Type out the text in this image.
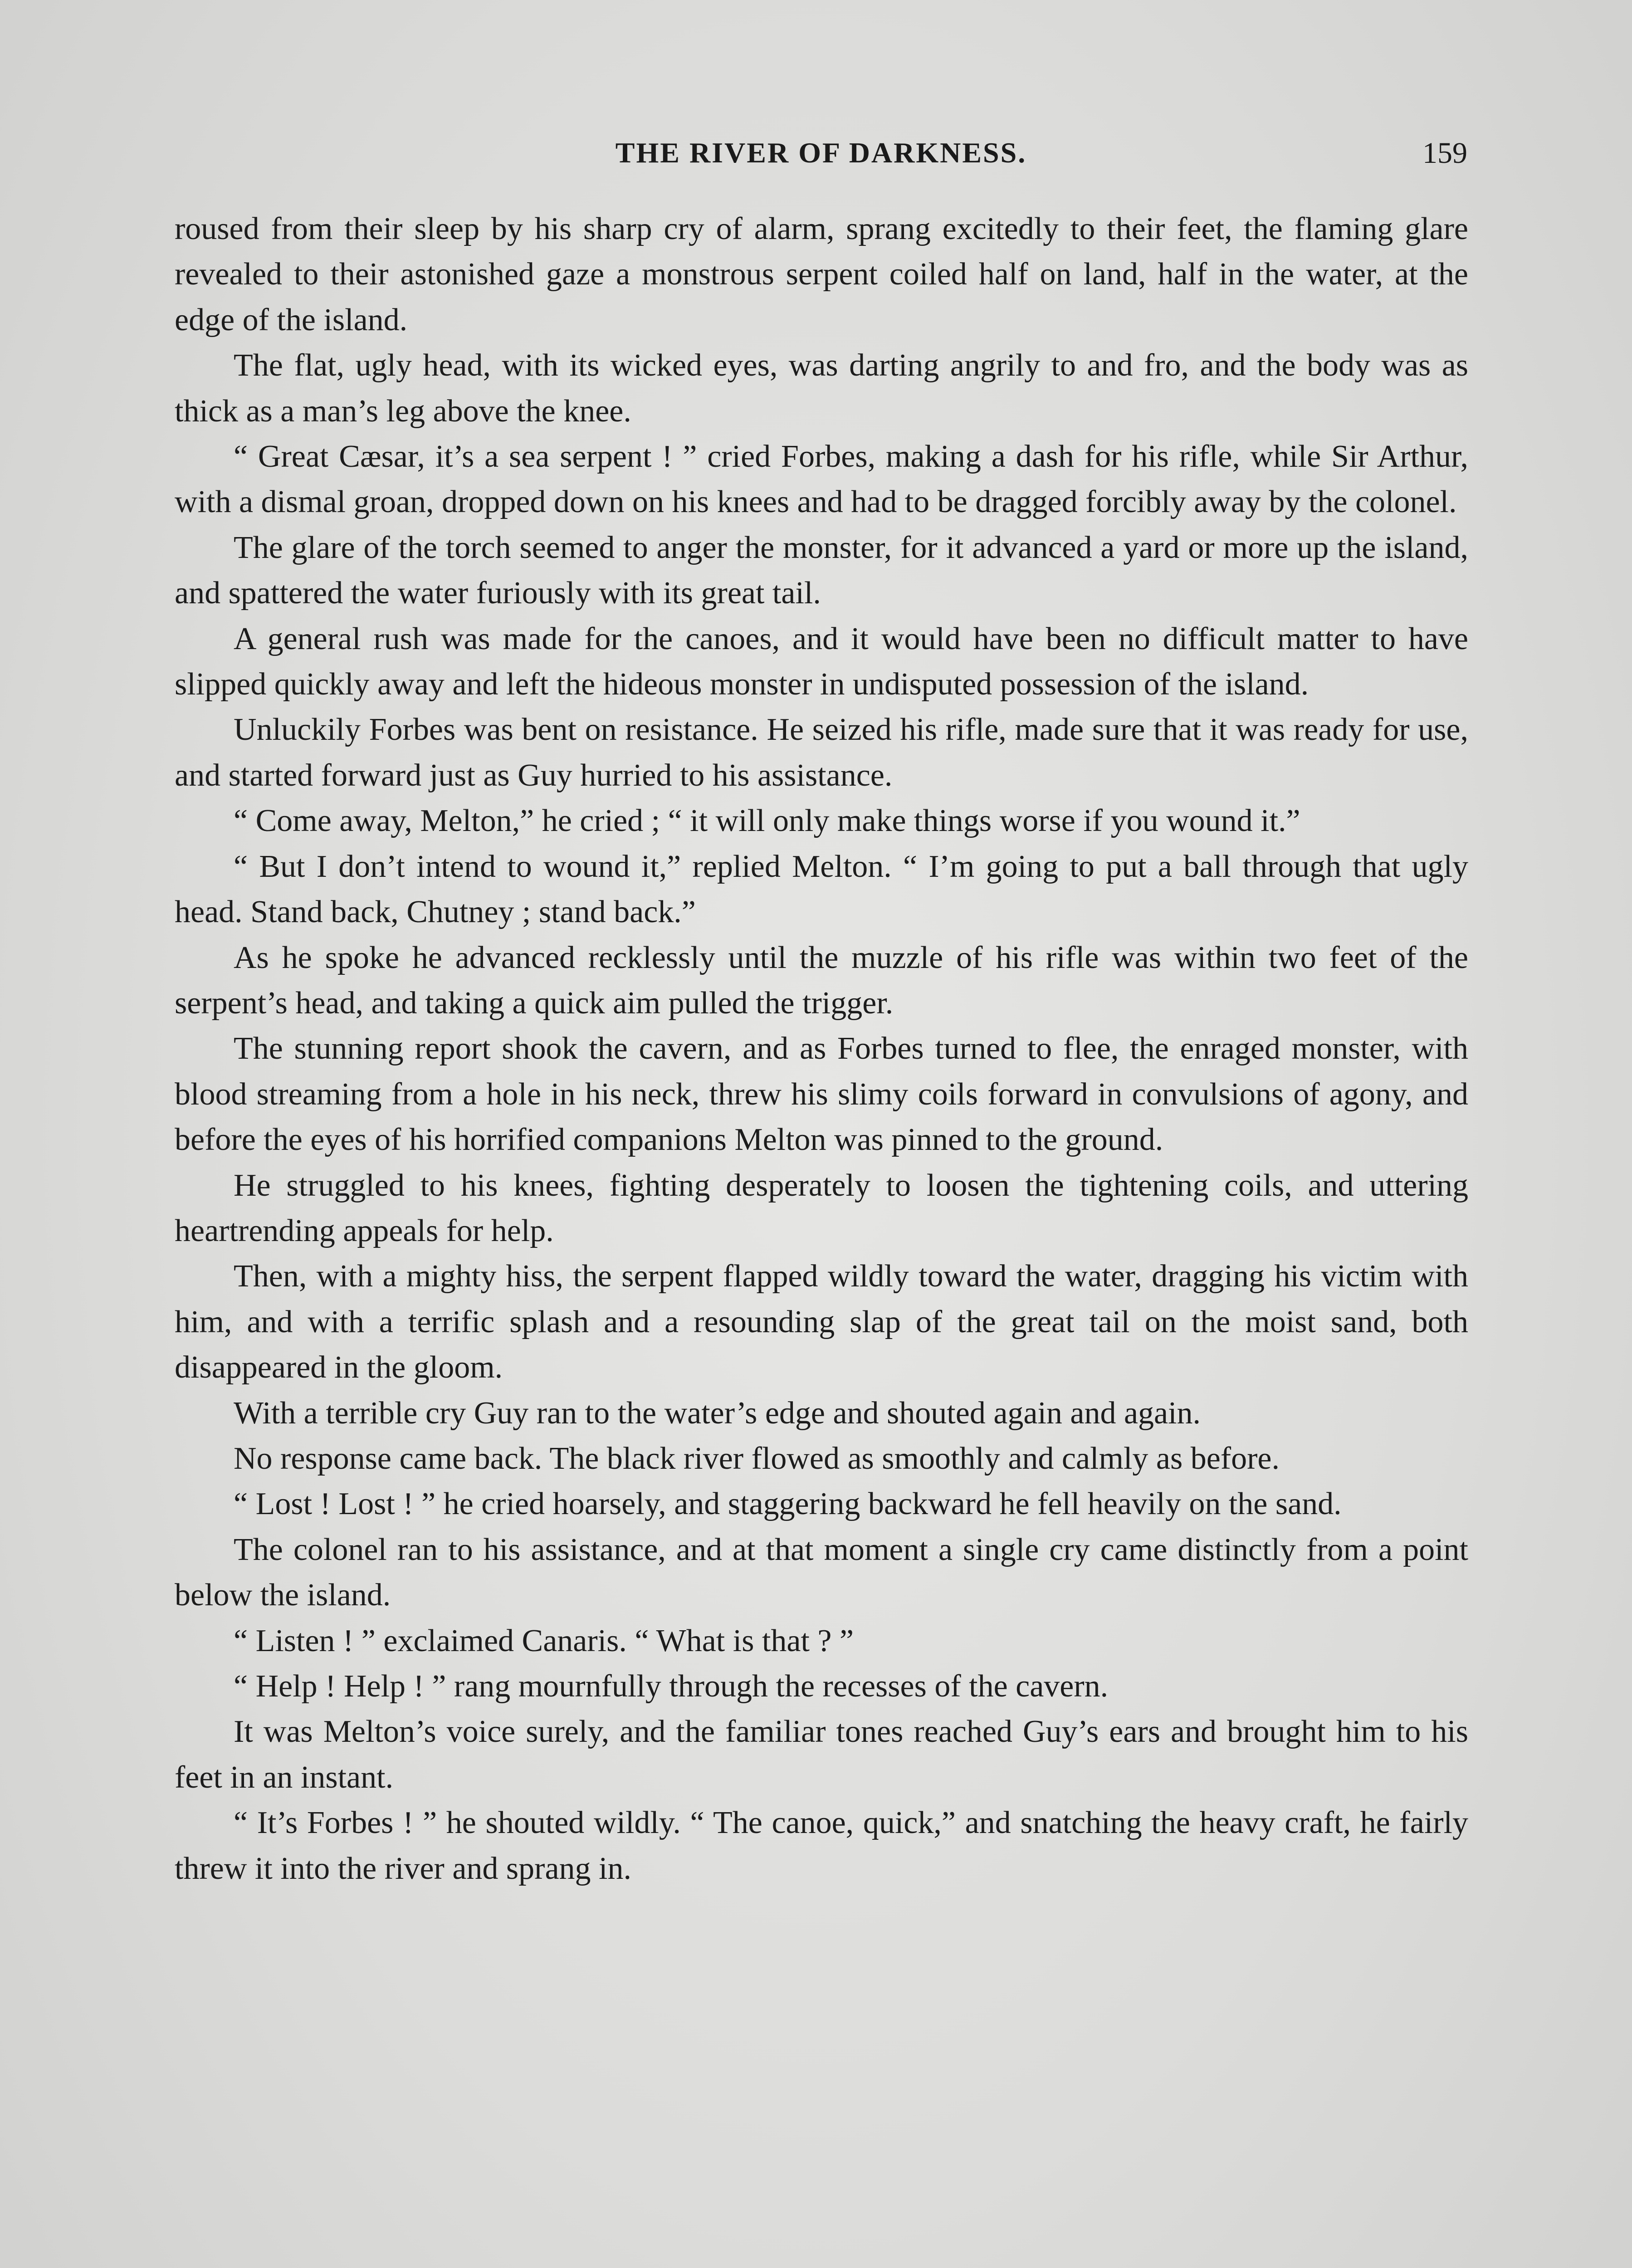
THE RIVER OF DARKNESS.	159

roused from their sleep by his sharp cry of alarm, sprang excitedly to their feet, the flaming glare revealed to their astonished gaze a monstrous serpent coiled half on land, half in the water, at the edge of the island.

The flat, ugly head, with its wicked eyes, was darting angrily to and fro, and the body was as thick as a man’s leg above the knee.

“ Great Cæsar, it’s a sea serpent ! ” cried Forbes, making a dash for his rifle, while Sir Arthur, with a dismal groan, dropped down on his knees and had to be dragged forcibly away by the colonel.

The glare of the torch seemed to anger the monster, for it advanced a yard or more up the island, and spattered the water furiously with its great tail.

A general rush was made for the canoes, and it would have been no difficult matter to have slipped quickly away and left the hideous monster in undisputed possession of the island.

Unluckily Forbes was bent on resistance. He seized his rifle, made sure that it was ready for use, and started forward just as Guy hurried to his assistance.

“ Come away, Melton,” he cried ; “ it will only make things worse if you wound it.”

“ But I don’t intend to wound it,” replied Melton. “ I’m going to put a ball through that ugly head. Stand back, Chutney ; stand back.”

As he spoke he advanced recklessly until the muzzle of his rifle was within two feet of the serpent’s head, and taking a quick aim pulled the trigger.

The stunning report shook the cavern, and as Forbes turned to flee, the enraged monster, with blood streaming from a hole in his neck, threw his slimy coils forward in convulsions of agony, and before the eyes of his horrified companions Melton was pinned to the ground.

He struggled to his knees, fighting desperately to loosen the tightening coils, and uttering heartrending appeals for help.

Then, with a mighty hiss, the serpent flapped wildly toward the water, dragging his victim with him, and with a terrific splash and a resounding slap of the great tail on the moist sand, both disappeared in the gloom.

With a terrible cry Guy ran to the water’s edge and shouted again and again.

No response came back. The black river flowed as smoothly and calmly as before.

“ Lost ! Lost ! ” he cried hoarsely, and staggering backward he fell heavily on the sand.

The colonel ran to his assistance, and at that moment a single cry came distinctly from a point below the island.

“ Listen ! ” exclaimed Canaris. “ What is that ? ”

“ Help ! Help ! ” rang mournfully through the recesses of the cavern.

It was Melton’s voice surely, and the familiar tones reached Guy’s ears and brought him to his feet in an instant.

“ It’s Forbes ! ” he shouted wildly. “ The canoe, quick,” and snatching the heavy craft, he fairly threw it into the river and sprang in.
